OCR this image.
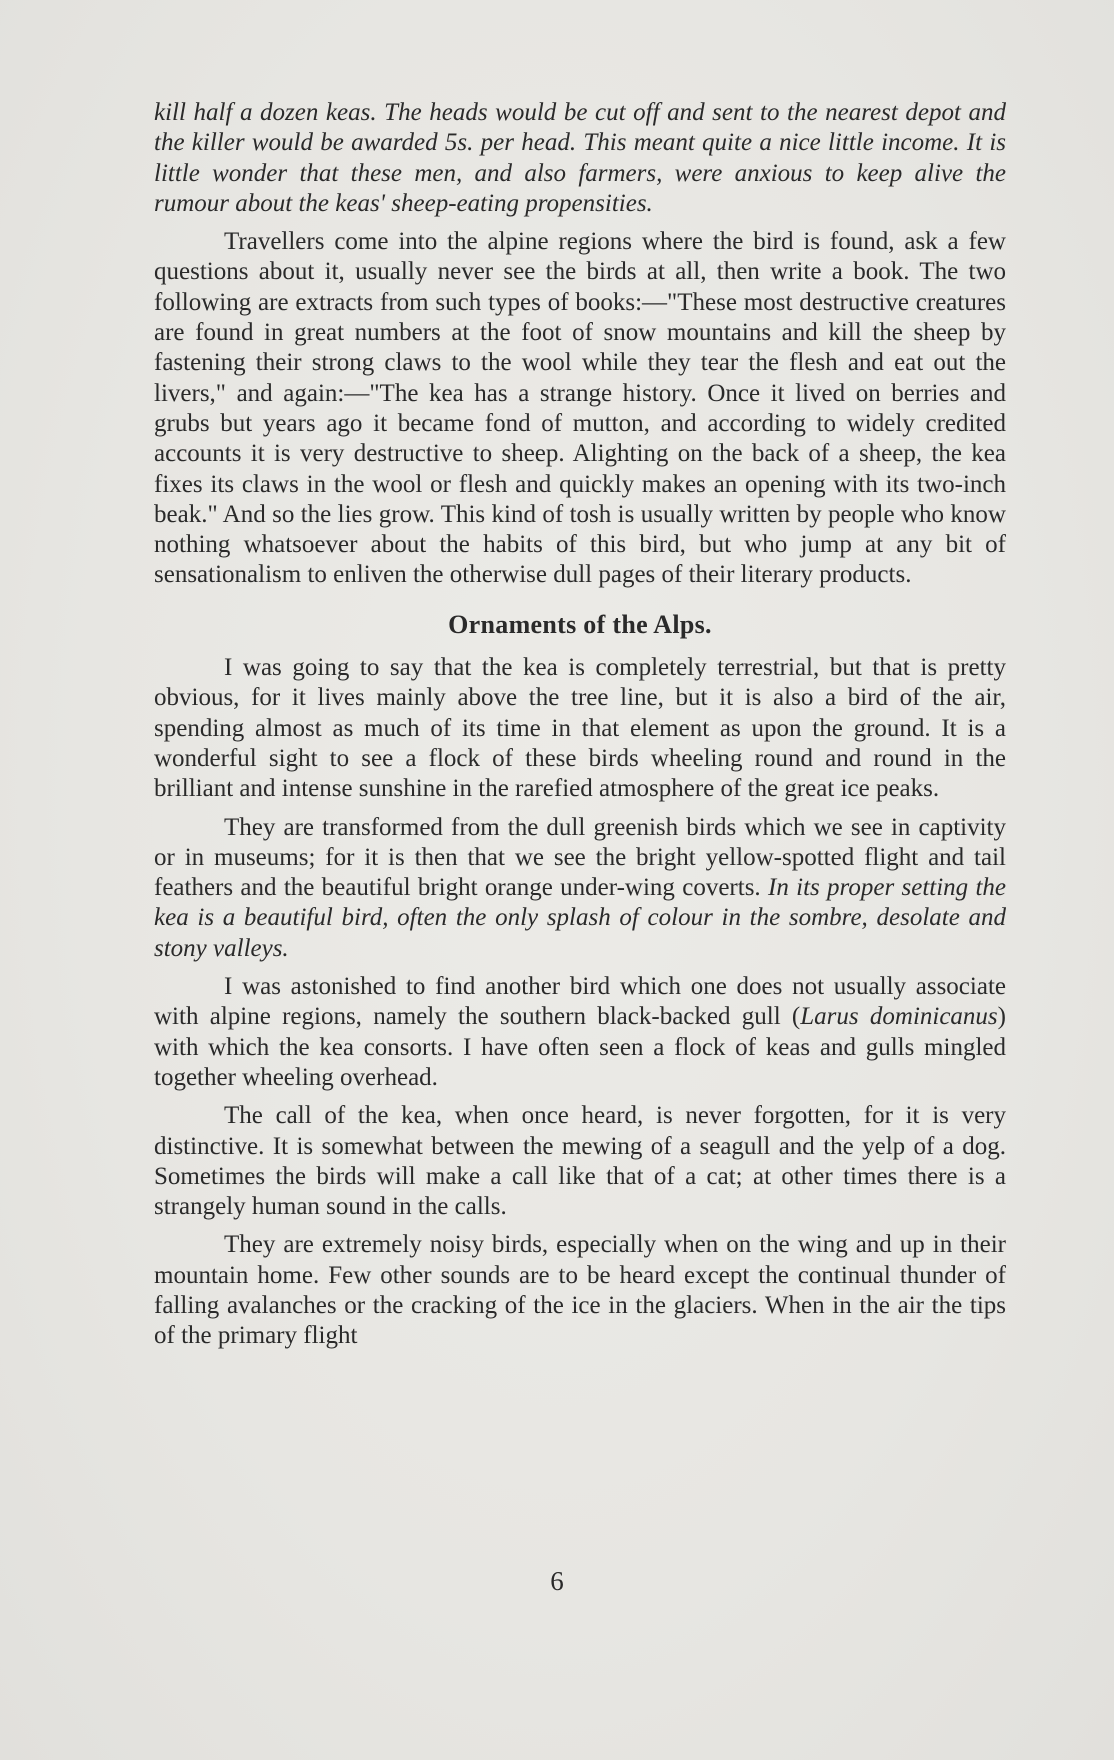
kill half a dozen keas. The heads would be cut off and sent to the nearest depot and the killer would be awarded 5s. per head. This meant quite a nice little income. It is little wonder that these men, and also farmers, were anxious to keep alive the rumour about the keas' sheep-eating propensities.

Travellers come into the alpine regions where the bird is found, ask a few questions about it, usually never see the birds at all, then write a book. The two following are extracts from such types of books:—"These most destructive creatures are found in great numbers at the foot of snow mountains and kill the sheep by fastening their strong claws to the wool while they tear the flesh and eat out the livers," and again:—"The kea has a strange history. Once it lived on berries and grubs but years ago it became fond of mutton, and according to widely credited accounts it is very destructive to sheep. Alighting on the back of a sheep, the kea fixes its claws in the wool or flesh and quickly makes an opening with its two-inch beak." And so the lies grow. This kind of tosh is usually written by people who know nothing whatsoever about the habits of this bird, but who jump at any bit of sensationalism to enliven the otherwise dull pages of their literary products.

Ornaments of the Alps.

I was going to say that the kea is completely terrestrial, but that is pretty obvious, for it lives mainly above the tree line, but it is also a bird of the air, spending almost as much of its time in that element as upon the ground. It is a wonderful sight to see a flock of these birds wheeling round and round in the brilliant and intense sunshine in the rarefied atmosphere of the great ice peaks.

They are transformed from the dull greenish birds which we see in captivity or in museums; for it is then that we see the bright yellow-spotted flight and tail feathers and the beautiful bright orange under-wing coverts. In its proper setting the kea is a beautiful bird, often the only splash of colour in the sombre, desolate and stony valleys.

I was astonished to find another bird which one does not usually associate with alpine regions, namely the southern black-backed gull (Larus dominicanus) with which the kea consorts. I have often seen a flock of keas and gulls mingled together wheeling overhead.

The call of the kea, when once heard, is never forgotten, for it is very distinctive. It is somewhat between the mewing of a seagull and the yelp of a dog. Sometimes the birds will make a call like that of a cat; at other times there is a strangely human sound in the calls.

They are extremely noisy birds, especially when on the wing and up in their mountain home. Few other sounds are to be heard except the continual thunder of falling avalanches or the cracking of the ice in the glaciers. When in the air the tips of the primary flight

6
